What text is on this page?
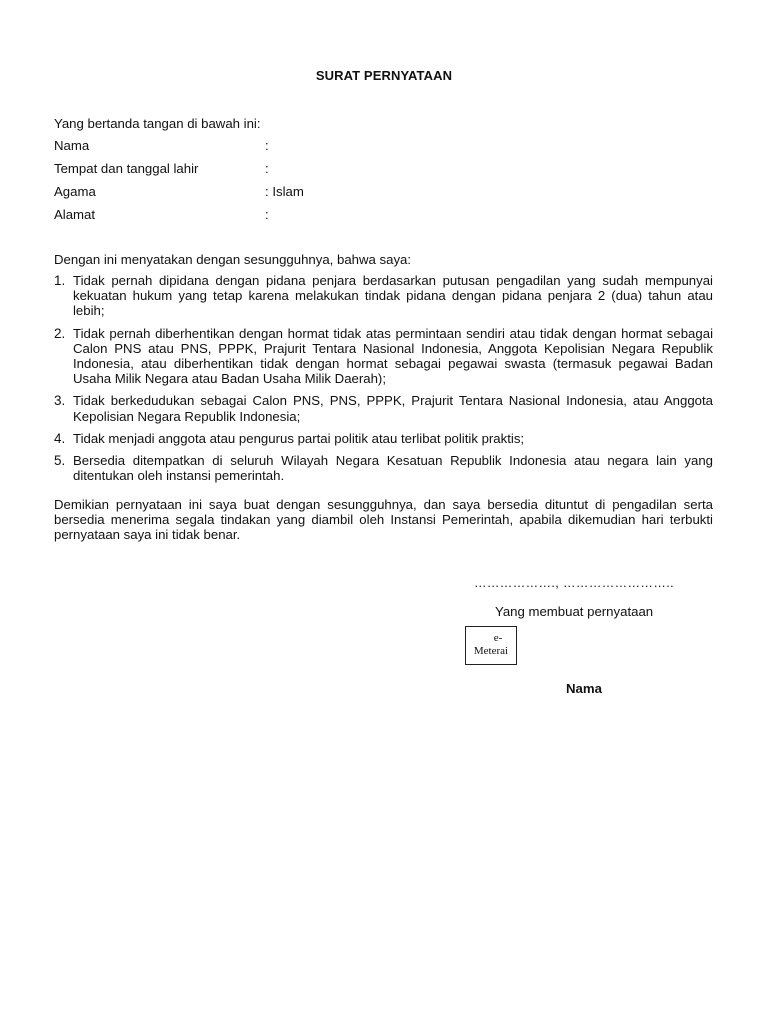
SURAT PERNYATAAN
Yang bertanda tangan di bawah ini:
Nama	:
Tempat dan tanggal lahir	:
Agama	: Islam
Alamat	:
Dengan ini menyatakan dengan sesungguhnya, bahwa saya:
1. Tidak pernah dipidana dengan pidana penjara berdasarkan putusan pengadilan yang sudah mempunyai kekuatan hukum yang tetap karena melakukan tindak pidana dengan pidana penjara 2 (dua) tahun atau lebih;
2. Tidak pernah diberhentikan dengan hormat tidak atas permintaan sendiri atau tidak dengan hormat sebagai Calon PNS atau PNS, PPPK, Prajurit Tentara Nasional Indonesia, Anggota Kepolisian Negara Republik Indonesia, atau diberhentikan tidak dengan hormat sebagai pegawai swasta (termasuk pegawai Badan Usaha Milik Negara atau Badan Usaha Milik Daerah);
3. Tidak berkedudukan sebagai Calon PNS, PNS, PPPK, Prajurit Tentara Nasional Indonesia, atau Anggota Kepolisian Negara Republik Indonesia;
4. Tidak menjadi anggota atau pengurus partai politik atau terlibat politik praktis;
5. Bersedia ditempatkan di seluruh Wilayah Negara Kesatuan Republik Indonesia atau negara lain yang ditentukan oleh instansi pemerintah.
Demikian pernyataan ini saya buat dengan sesungguhnya, dan saya bersedia dituntut di pengadilan serta bersedia menerima segala tindakan yang diambil oleh Instansi Pemerintah, apabila dikemudian hari terbukti pernyataan saya ini tidak benar.
………………., ……………………..
Yang membuat pernyataan
e-
Meterai
Nama
